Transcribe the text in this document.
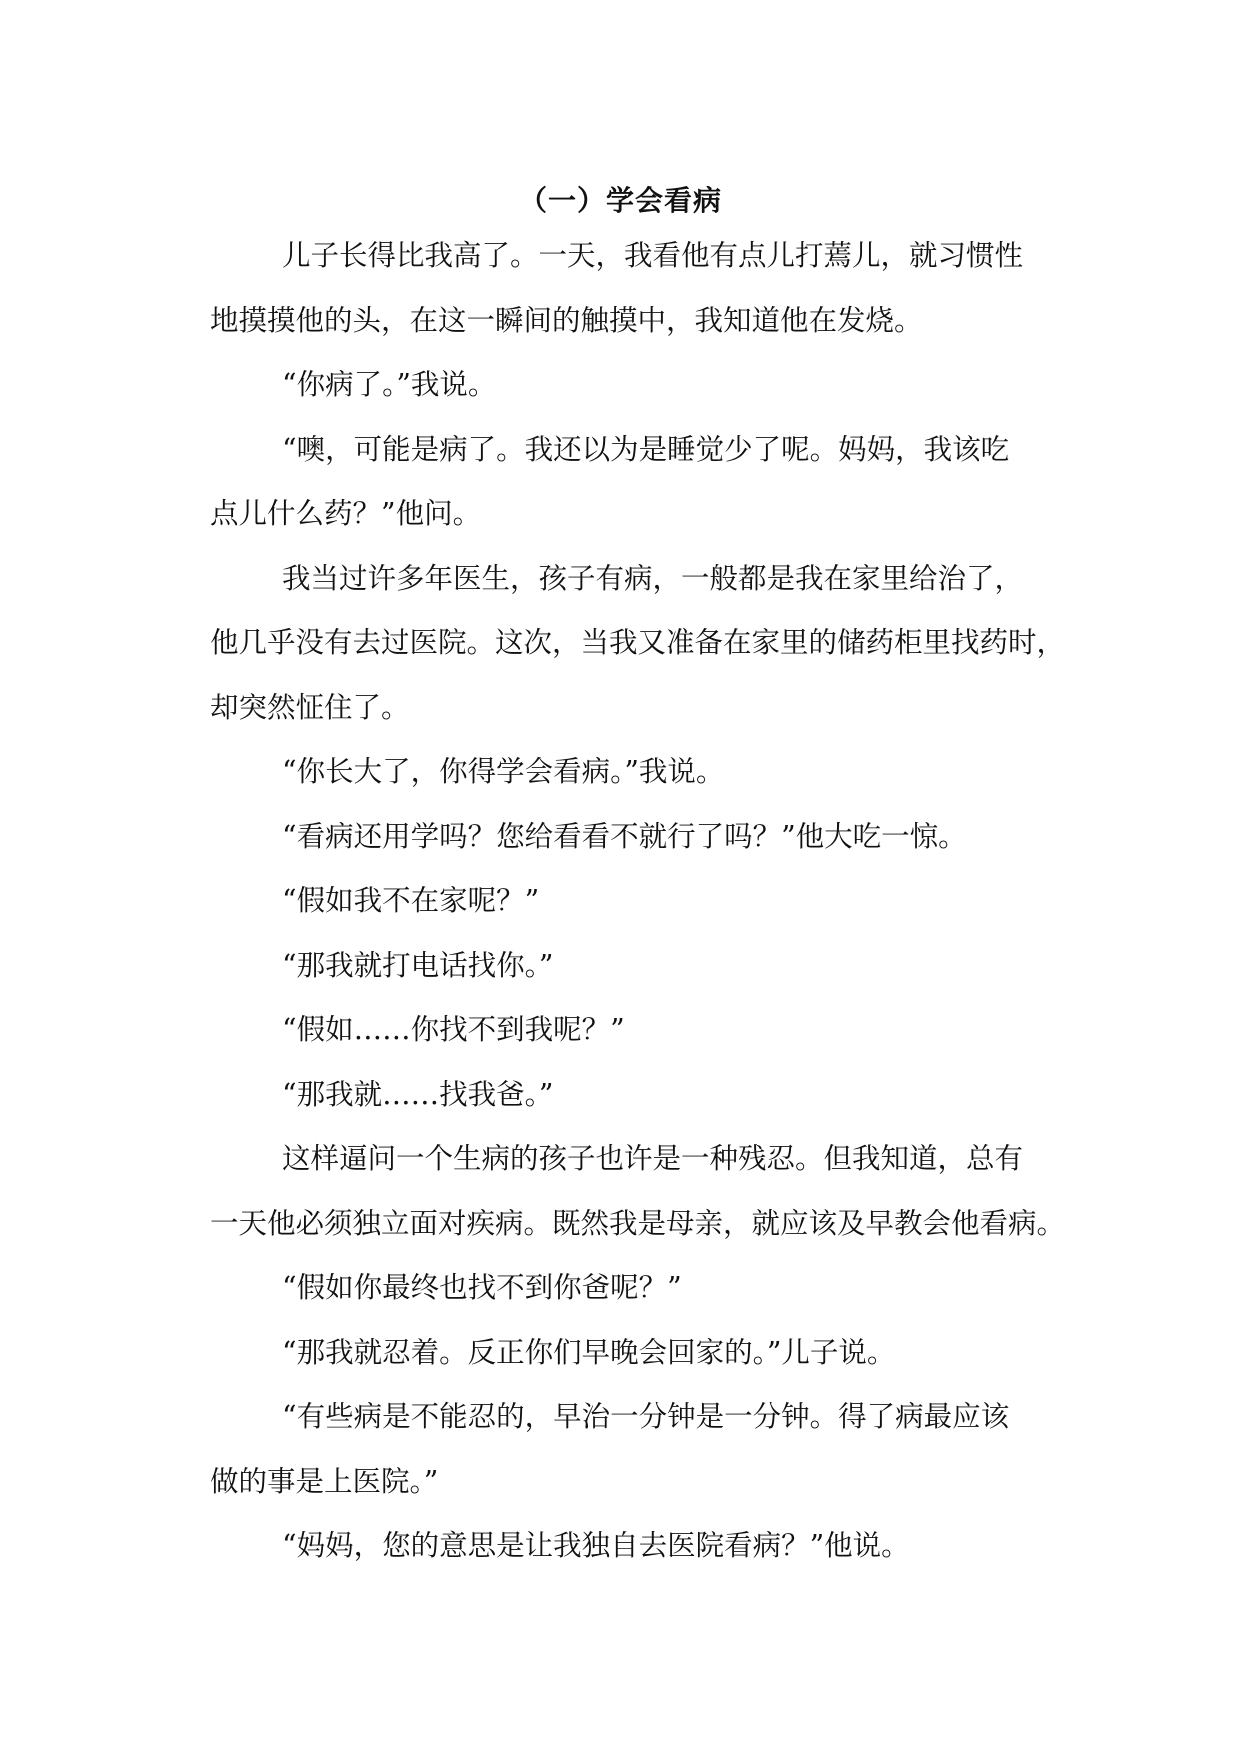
（一）学会看病

儿子长得比我高了。一天，我看他有点儿打蔫儿，就习惯性
地摸摸他的头，在这一瞬间的触摸中，我知道他在发烧。

“你病了。”我说。

“噢，可能是病了。我还以为是睡觉少了呢。妈妈，我该吃
点儿什么药？”他问。

我当过许多年医生，孩子有病，一般都是我在家里给治了，
他几乎没有去过医院。这次，当我又准备在家里的储药柜里找药时，
却突然怔住了。

“你长大了，你得学会看病。”我说。

“看病还用学吗？您给看看不就行了吗？”他大吃一惊。

“假如我不在家呢？”

“那我就打电话找你。”

“假如……你找不到我呢？”

“那我就……找我爸。”

这样逼问一个生病的孩子也许是一种残忍。但我知道，总有
一天他必须独立面对疾病。既然我是母亲，就应该及早教会他看病。

“假如你最终也找不到你爸呢？”

“那我就忍着。反正你们早晚会回家的。”儿子说。

“有些病是不能忍的，早治一分钟是一分钟。得了病最应该
做的事是上医院。”

“妈妈，您的意思是让我独自去医院看病？”他说。
